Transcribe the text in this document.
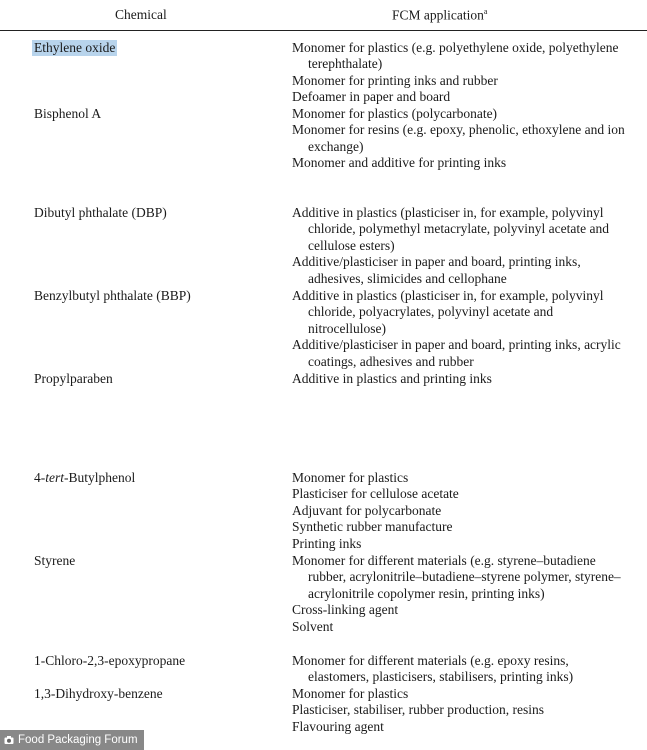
Chemical	FCM application$^a$
Ethylene oxide	Monomer for plastics (e.g. polyethylene oxide, polyethylene terephthalate)
Monomer for printing inks and rubber
Defoamer in paper and board
Bisphenol A	Monomer for plastics (polycarbonate)
Monomer for resins (e.g. epoxy, phenolic, ethoxylene and ion exchange)
Monomer and additive for printing inks
Dibutyl phthalate (DBP)	Additive in plastics (plasticiser in, for example, polyvinyl chloride, polymethyl metacrylate, polyvinyl acetate and cellulose esters)
Additive/plasticiser in paper and board, printing inks, adhesives, slimicides and cellophane
Benzylbutyl phthalate (BBP)	Additive in plastics (plasticiser in, for example, polyvinyl chloride, polyacrylates, polyvinyl acetate and nitrocellulose)
Additive/plasticiser in paper and board, printing inks, acrylic coatings, adhesives and rubber
Propylparaben	Additive in plastics and printing inks
4-tert-Butylphenol	Monomer for plastics
Plasticiser for cellulose acetate
Adjuvant for polycarbonate
Synthetic rubber manufacture
Printing inks
Styrene	Monomer for different materials (e.g. styrene–butadiene rubber, acrylonitrile–butadiene–styrene polymer, styrene–acrylonitrile copolymer resin, printing inks)
Cross-linking agent
Solvent
1-Chloro-2,3-epoxypropane	Monomer for different materials (e.g. epoxy resins, elastomers, plasticisers, stabilisers, printing inks)
1,3-Dihydroxy-benzene	Monomer for plastics
Plasticiser, stabiliser, rubber production, resins
Flavouring agent
Food Packaging Forum
